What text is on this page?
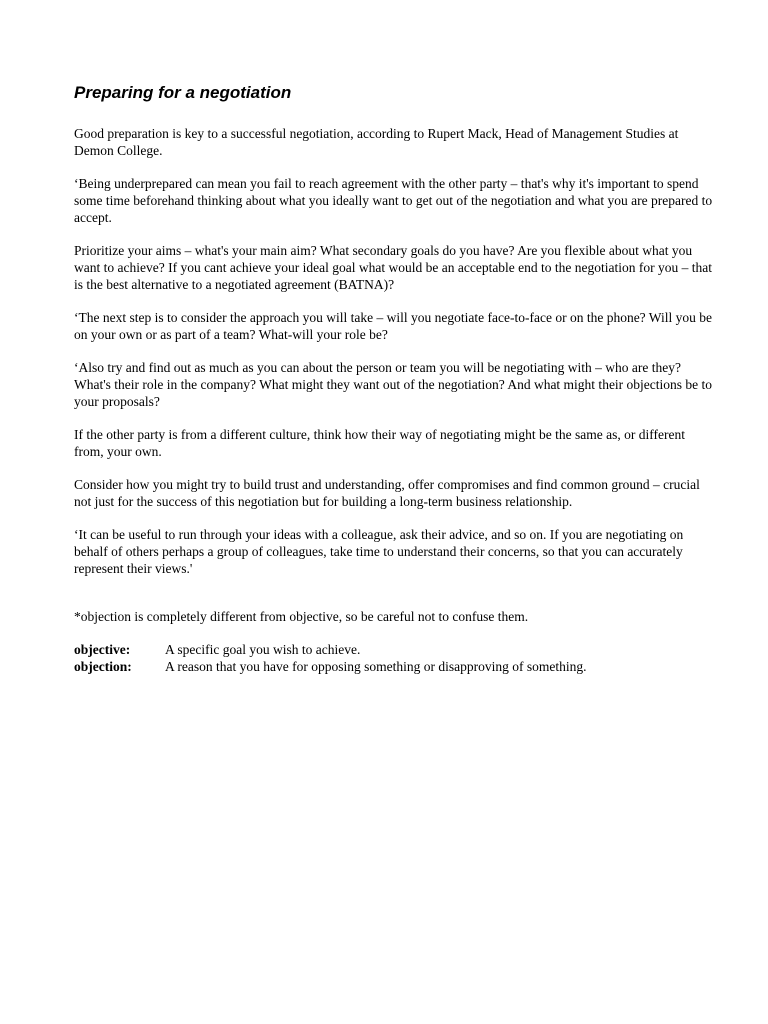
Preparing for a negotiation

Good preparation is key to a successful negotiation, according to Rupert Mack, Head of Management Studies at Demon College.

‘Being underprepared can mean you fail to reach agreement with the other party – that's why it's important to spend some time beforehand thinking about what you ideally want to get out of the negotiation and what you are prepared to accept.

Prioritize your aims – what's your main aim? What secondary goals do you have? Are you flexible about what you want to achieve? If you cant achieve your ideal goal what would be an acceptable end to the negotiation for you – that is the best alternative to a negotiated agreement (BATNA)?

‘The next step is to consider the approach you will take – will you negotiate face-to-face or on the phone? Will you be on your own or as part of a team? What-will your role be?

‘Also try and find out as much as you can about the person or team you will be negotiating with – who are they? What's their role in the company? What might they want out of the negotiation? And what might their objections be to your proposals?

If the other party is from a different culture, think how their way of negotiating might be the same as, or different from, your own.

Consider how you might try to build trust and understanding, offer compromises and find common ground – crucial not just for the success of this negotiation but for building a long-term business relationship.

‘It can be useful to run through your ideas with a colleague, ask their advice, and so on. If you are negotiating on behalf of others perhaps a group of colleagues, take time to understand their concerns, so that you can accurately represent their views.'

*objection is completely different from objective, so be careful not to confuse them.

objective:	A specific goal you wish to achieve.
objection:	A reason that you have for opposing something or disapproving of something.
